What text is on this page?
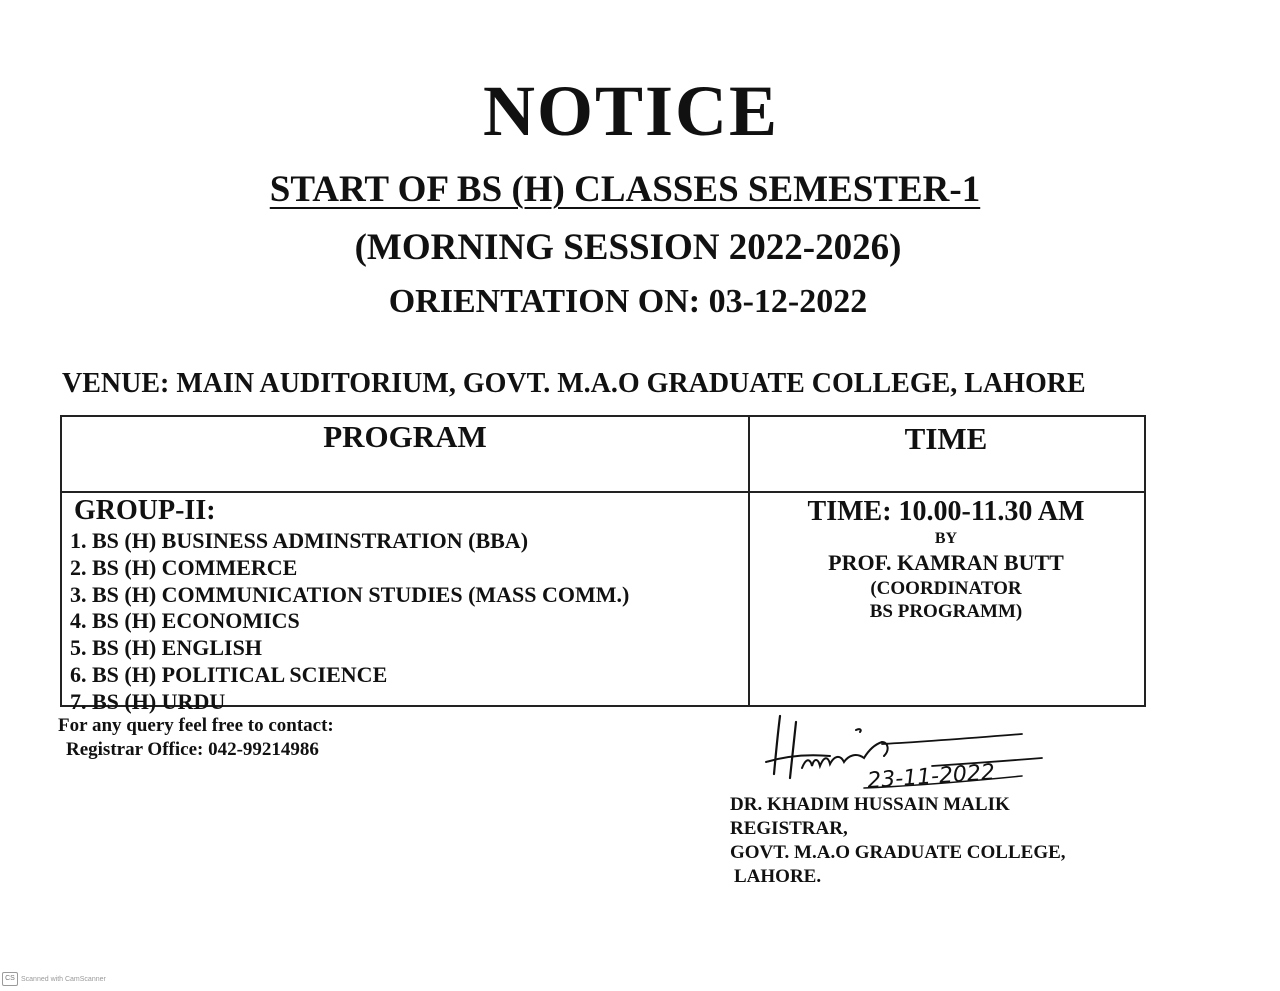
NOTICE
START OF BS (H) CLASSES SEMESTER-1
(MORNING SESSION 2022-2026)
ORIENTATION ON: 03-12-2022
VENUE: MAIN AUDITORIUM, GOVT. M.A.O GRADUATE COLLEGE, LAHORE
PROGRAM	TIME
GROUP-II:
1. BS (H) BUSINESS ADMINSTRATION (BBA)
2. BS (H) COMMERCE
3. BS (H) COMMUNICATION STUDIES (MASS COMM.)
4. BS (H) ECONOMICS
5. BS (H) ENGLISH
6. BS (H) POLITICAL SCIENCE
7. BS (H) URDU
TIME: 10.00-11.30 AM
BY
PROF. KAMRAN BUTT
(COORDINATOR
BS PROGRAMM)
For any query feel free to contact:
Registrar Office: 042-99214986
23-11-2022
DR. KHADIM HUSSAIN MALIK
REGISTRAR,
GOVT. M.A.O GRADUATE COLLEGE,
LAHORE.
CS Scanned with CamScanner
